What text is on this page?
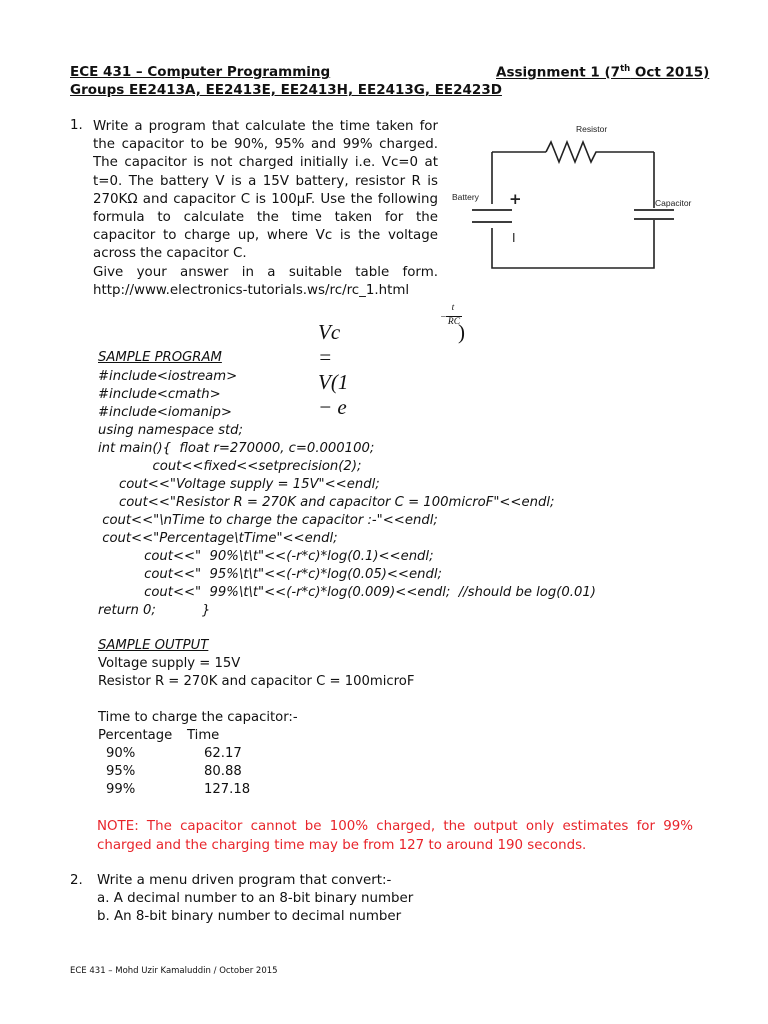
ECE 431 – Computer Programming	Assignment 1 (7th Oct 2015)
Groups EE2413A, EE2413E, EE2413H, EE2413G, EE2423D
1. Write a program that calculate the time taken for
the capacitor to be 90%, 95% and 99% charged.
The capacitor is not charged initially i.e. Vc=0 at
t=0. The battery V is a 15V battery, resistor R is
270KΩ and capacitor C is 100µF. Use the following
formula to calculate the time taken for the
capacitor to charge up, where Vc is the voltage
across the capacitor C.
Give your answer in a suitable table form.
http://www.electronics-tutorials.ws/rc/rc_1.html
Resistor
Battery
Capacitor
+
I
Vc = V(1 − e
−
t
RC
)
SAMPLE PROGRAM
#include<iostream>
#include<cmath>
#include<iomanip>
using namespace std;
int main(){  float r=270000, c=0.000100;
cout<<fixed<<setprecision(2);
cout<<"Voltage supply = 15V"<<endl;
cout<<"Resistor R = 270K and capacitor C = 100microF"<<endl;
cout<<"\nTime to charge the capacitor :-"<<endl;
cout<<"Percentage\tTime"<<endl;
cout<<"  90%\t\t"<<(-r*c)*log(0.1)<<endl;
cout<<"  95%\t\t"<<(-r*c)*log(0.05)<<endl;
cout<<"  99%\t\t"<<(-r*c)*log(0.009)<<endl;  //should be log(0.01)
return 0;           }
SAMPLE OUTPUT
Voltage supply = 15V
Resistor R = 270K and capacitor C = 100microF
Time to charge the capacitor:-
Percentage Time
90%	62.17
95%	80.88
99%	127.18
NOTE: The capacitor cannot be 100% charged, the output only estimates for 99%
charged and the charging time may be from 127 to around 190 seconds.
2. Write a menu driven program that convert:-
a. A decimal number to an 8-bit binary number
b. An 8-bit binary number to decimal number
ECE 431 – Mohd Uzir Kamaluddin / October 2015
